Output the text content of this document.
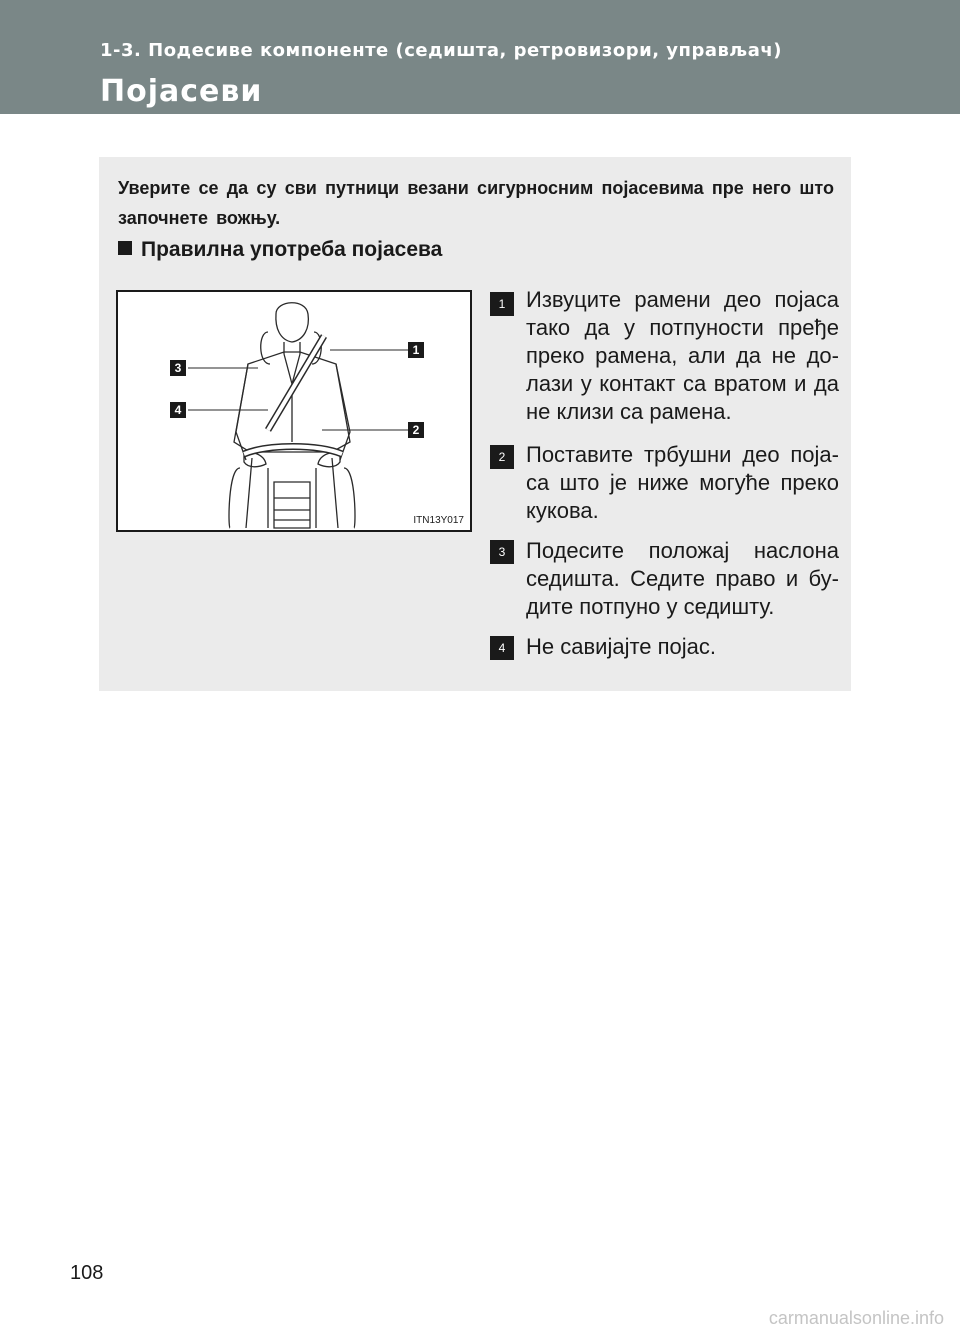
1-3. Подесиве компоненте (седишта, ретровизори, управљач)
Појасеви
Уверите се да су сви путници везани сигурносним појасевима пре него што започнете вожњу.
Правилна употреба појасева
1
2
3
4
ITN13Y017
1 Извуците рамени део појаса тако да у потпуности пређе преко рамена, али да не до-лази у контакт са вратом и да не клизи са рамена.
2 Поставите трбушни део поја-са што је ниже могуће преко кукова.
3 Подесите положај наслона седишта. Седите право и бу-дите потпуно у седишту.
4 Не савијајте појас.
108
carmanualsonline.info
